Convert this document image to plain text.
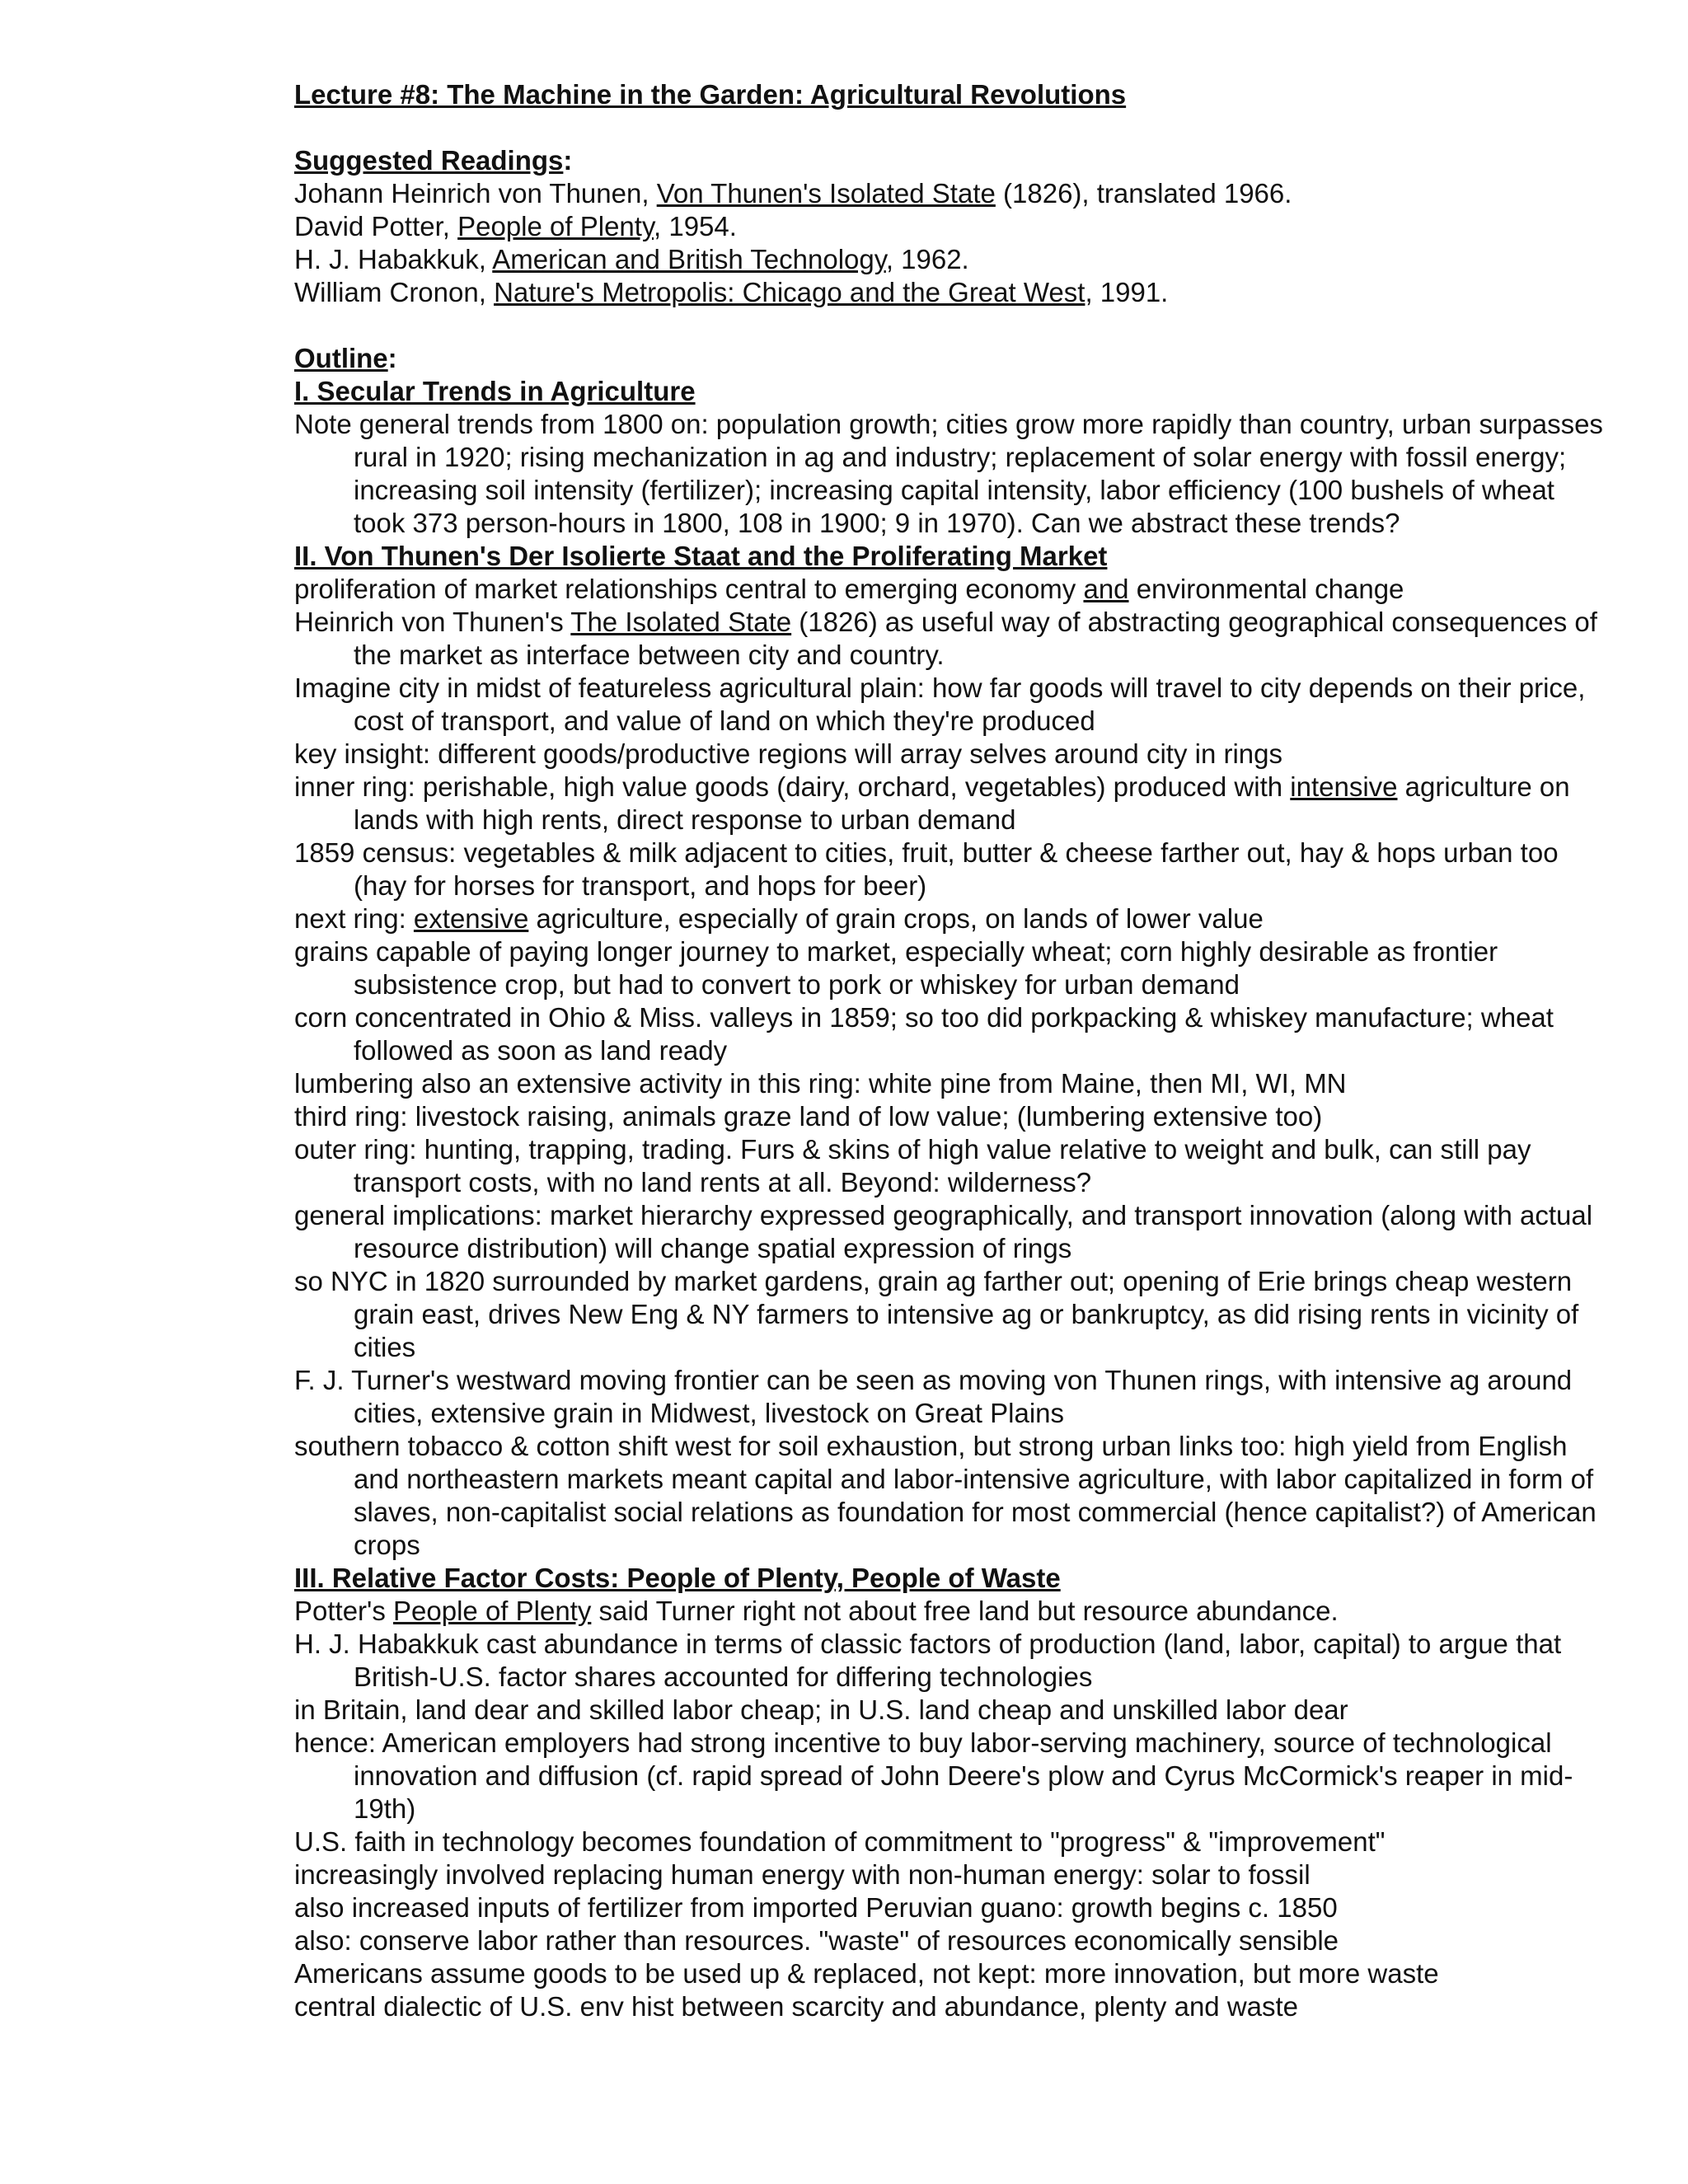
Lecture #8: The Machine in the Garden: Agricultural Revolutions

Suggested Readings:

Johann Heinrich von Thunen, Von Thunen's Isolated State (1826), translated 1966.

David Potter, People of Plenty, 1954.

H. J. Habakkuk, American and British Technology, 1962.

William Cronon, Nature's Metropolis: Chicago and the Great West, 1991.

Outline:

I. Secular Trends in Agriculture

Note general trends from 1800 on: population growth; cities grow more rapidly than country, urban surpasses rural in 1920; rising mechanization in ag and industry; replacement of solar energy with fossil energy; increasing soil intensity (fertilizer); increasing capital intensity, labor efficiency (100 bushels of wheat took 373 person-hours in 1800, 108 in 1900; 9 in 1970). Can we abstract these trends?

II. Von Thunen's Der Isolierte Staat and the Proliferating Market

proliferation of market relationships central to emerging economy and environmental change

Heinrich von Thunen's The Isolated State (1826) as useful way of abstracting geographical consequences of the market as interface between city and country.

Imagine city in midst of featureless agricultural plain: how far goods will travel to city depends on their price, cost of transport, and value of land on which they're produced

key insight: different goods/productive regions will array selves around city in rings

inner ring: perishable, high value goods (dairy, orchard, vegetables) produced with intensive agriculture on lands with high rents, direct response to urban demand

1859 census: vegetables & milk adjacent to cities, fruit, butter & cheese farther out, hay & hops urban too (hay for horses for transport, and hops for beer)

next ring: extensive agriculture, especially of grain crops, on lands of lower value

grains capable of paying longer journey to market, especially wheat; corn highly desirable as frontier subsistence crop, but had to convert to pork or whiskey for urban demand

corn concentrated in Ohio & Miss. valleys in 1859; so too did porkpacking & whiskey manufacture; wheat followed as soon as land ready

lumbering also an extensive activity in this ring: white pine from Maine, then MI, WI, MN

third ring: livestock raising, animals graze land of low value; (lumbering extensive too)

outer ring: hunting, trapping, trading. Furs & skins of high value relative to weight and bulk, can still pay transport costs, with no land rents at all. Beyond: wilderness?

general implications: market hierarchy expressed geographically, and transport innovation (along with actual resource distribution) will change spatial expression of rings

so NYC in 1820 surrounded by market gardens, grain ag farther out; opening of Erie brings cheap western grain east, drives New Eng & NY farmers to intensive ag or bankruptcy, as did rising rents in vicinity of cities

F. J. Turner's westward moving frontier can be seen as moving von Thunen rings, with intensive ag around cities, extensive grain in Midwest, livestock on Great Plains

southern tobacco & cotton shift west for soil exhaustion, but strong urban links too: high yield from English and northeastern markets meant capital and labor-intensive agriculture, with labor capitalized in form of slaves, non-capitalist social relations as foundation for most commercial (hence capitalist?) of American crops

III. Relative Factor Costs: People of Plenty, People of Waste

Potter's People of Plenty said Turner right not about free land but resource abundance.

H. J. Habakkuk cast abundance in terms of classic factors of production (land, labor, capital) to argue that British-U.S. factor shares accounted for differing technologies

in Britain, land dear and skilled labor cheap; in U.S. land cheap and unskilled labor dear

hence: American employers had strong incentive to buy labor-serving machinery, source of technological innovation and diffusion (cf. rapid spread of John Deere's plow and Cyrus McCormick's reaper in mid-19th)

U.S. faith in technology becomes foundation of commitment to "progress" & "improvement"

increasingly involved replacing human energy with non-human energy: solar to fossil

also increased inputs of fertilizer from imported Peruvian guano: growth begins c. 1850

also: conserve labor rather than resources. "waste" of resources economically sensible

Americans assume goods to be used up & replaced, not kept: more innovation, but more waste

central dialectic of U.S. env hist between scarcity and abundance, plenty and waste
